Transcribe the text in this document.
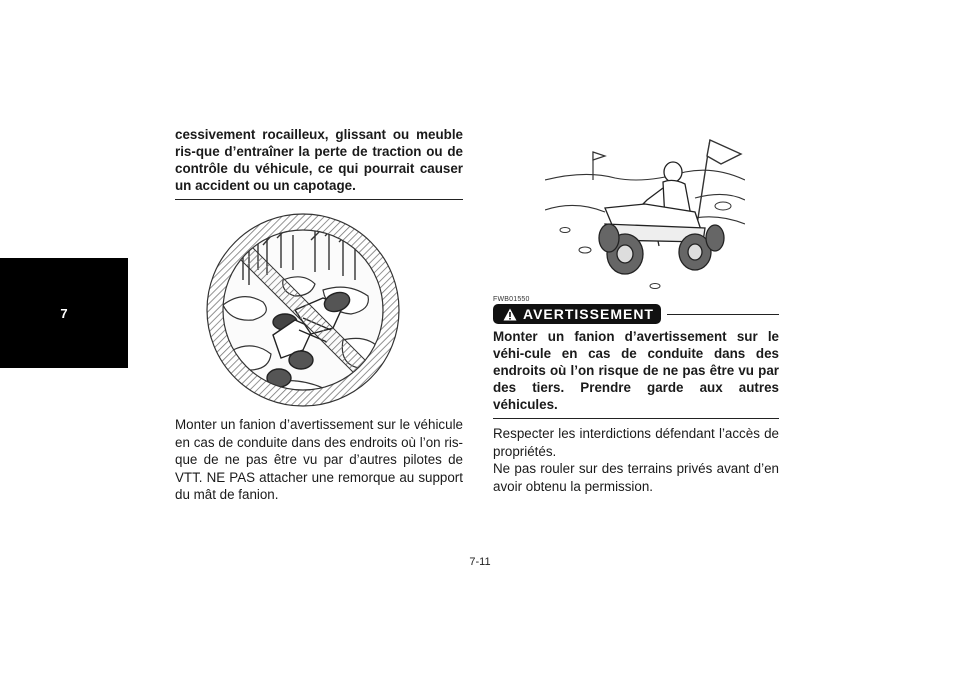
7

cessivement rocailleux, glissant ou meuble ris-que d’entraîner la perte de traction ou de contrôle du véhicule, ce qui pourrait causer un accident ou un capotage.

Monter un fanion d’avertissement sur le véhicule en cas de conduite dans des endroits où l’on ris-que de ne pas être vu par d’autres pilotes de VTT. NE PAS attacher une remorque au support du mât de fanion.

FWB01550

AVERTISSEMENT

Monter un fanion d’avertissement sur le véhi-cule en cas de conduite dans des endroits où l’on risque de ne pas être vu par des tiers. Prendre garde aux autres véhicules.

Respecter les interdictions défendant l’accès de propriétés.

Ne pas rouler sur des terrains privés avant d’en avoir obtenu la permission.

7-11
